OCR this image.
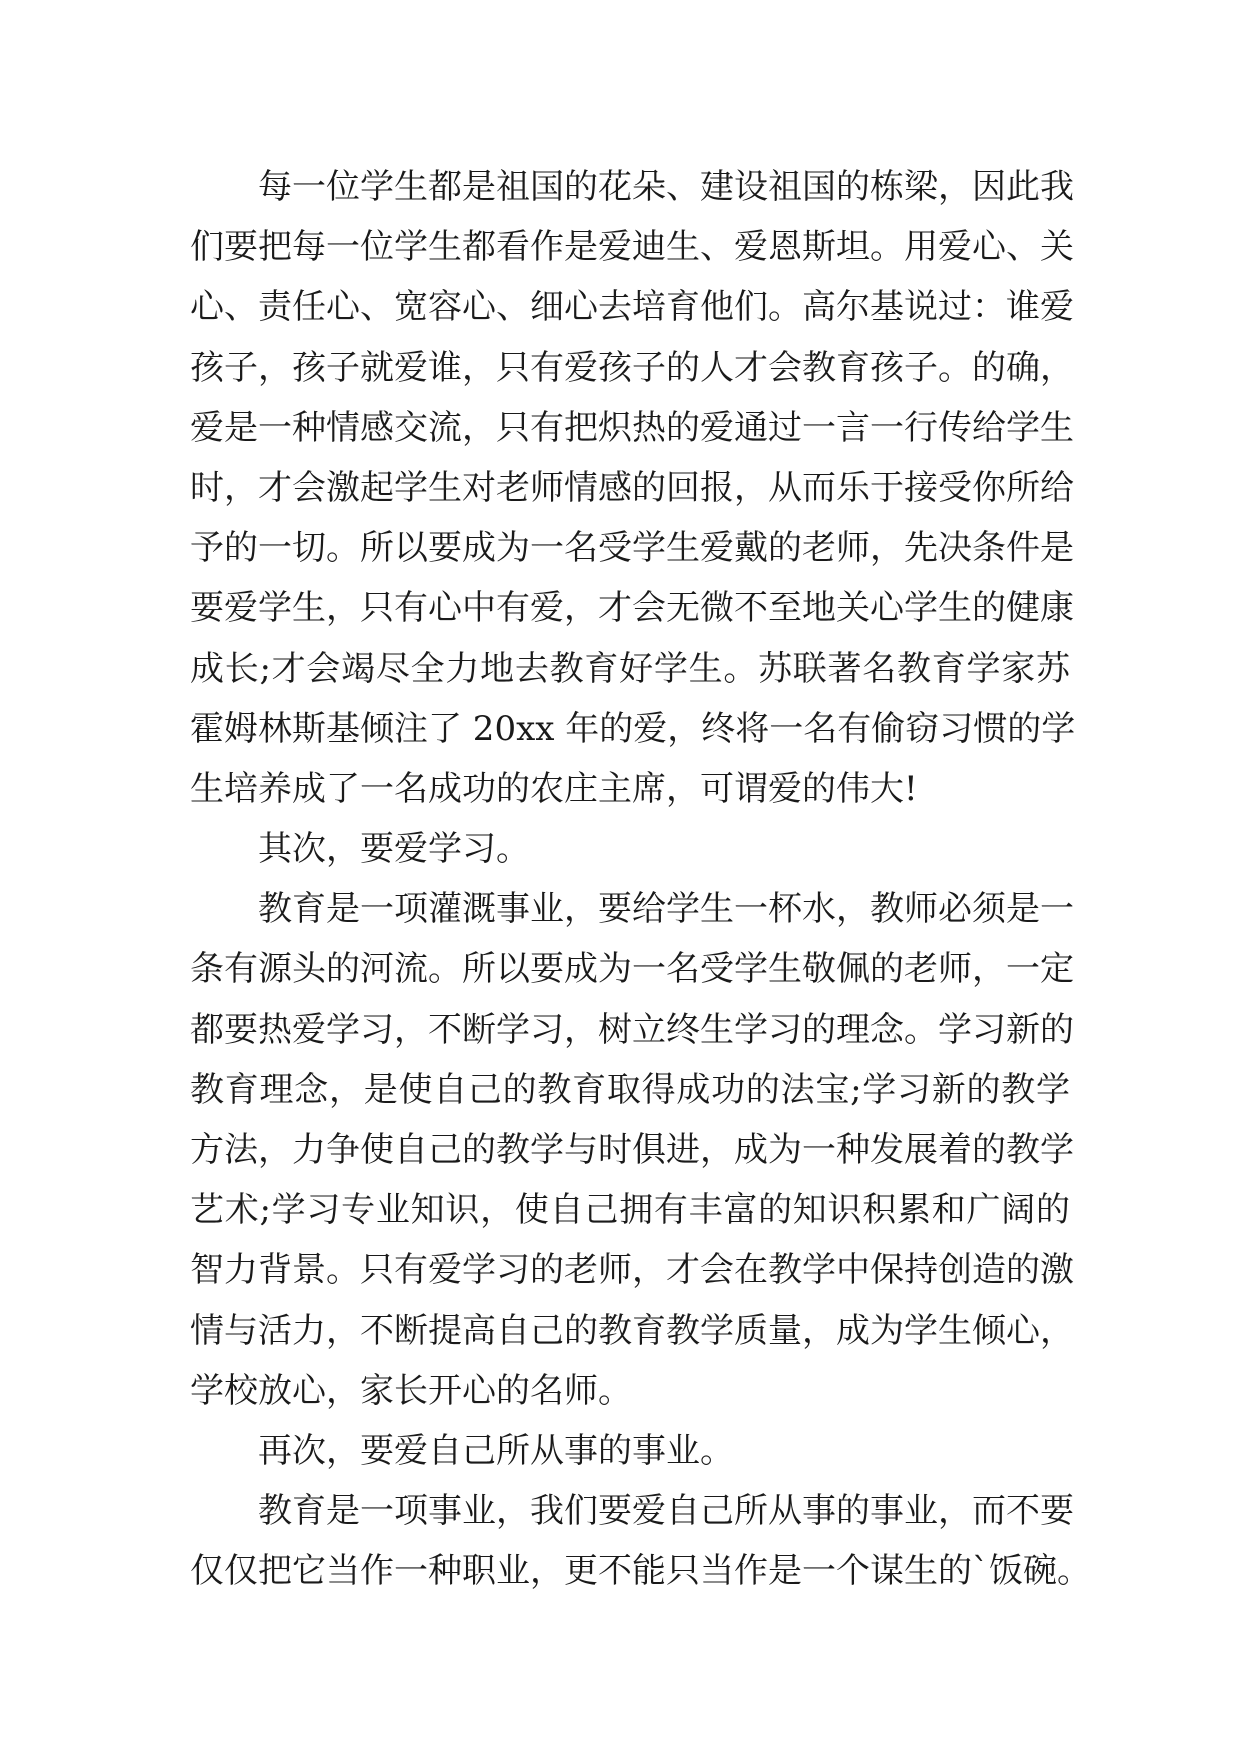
每一位学生都是祖国的花朵、建设祖国的栋梁，因此我
们要把每一位学生都看作是爱迪生、爱恩斯坦。用爱心、关
心、责任心、宽容心、细心去培育他们。高尔基说过：谁爱
孩子，孩子就爱谁，只有爱孩子的人才会教育孩子。的确，
爱是一种情感交流，只有把炽热的爱通过一言一行传给学生
时，才会激起学生对老师情感的回报，从而乐于接受你所给
予的一切。所以要成为一名受学生爱戴的老师，先决条件是
要爱学生，只有心中有爱，才会无微不至地关心学生的健康
成长;才会竭尽全力地去教育好学生。苏联著名教育学家苏
霍姆林斯基倾注了 20xx 年的爱，终将一名有偷窃习惯的学
生培养成了一名成功的农庄主席，可谓爱的伟大!
其次，要爱学习。
教育是一项灌溉事业，要给学生一杯水，教师必须是一
条有源头的河流。所以要成为一名受学生敬佩的老师，一定
都要热爱学习，不断学习，树立终生学习的理念。学习新的
教育理念，是使自己的教育取得成功的法宝;学习新的教学
方法，力争使自己的教学与时俱进，成为一种发展着的教学
艺术;学习专业知识，使自己拥有丰富的知识积累和广阔的
智力背景。只有爱学习的老师，才会在教学中保持创造的激
情与活力，不断提高自己的教育教学质量，成为学生倾心，
学校放心，家长开心的名师。
再次，要爱自己所从事的事业。
教育是一项事业，我们要爱自己所从事的事业，而不要
仅仅把它当作一种职业，更不能只当作是一个谋生的`饭碗。
